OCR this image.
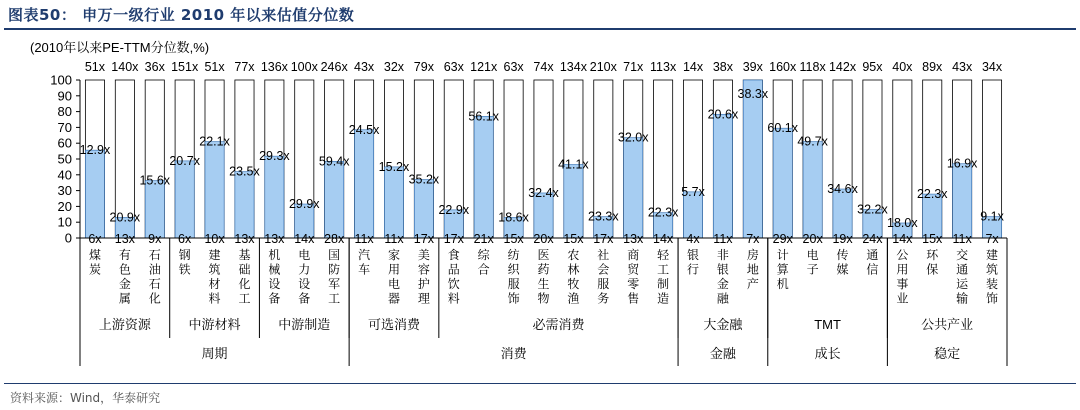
图表50： 申万一级行业 2010 年以来估值分位数
(2010年以来PE-TTM分位数,%)
0
10
20
30
40
50
60
70
80
90
100
51x 140x 36x 151x 51x 77x 136x 100x 246x 43x 32x 79x 63x 121x 63x 74x 134x 210x 71x 113x 14x 38x 39x 160x 118x 142x 95x 40x 89x 43x 34x
6x 13x 9x 6x 10x 13x 13x 14x 28x 11x 11x 17x 17x 21x 15x 20x 15x 17x 13x 14x 4x 11x 7x 29x 20x 19x 24x 14x 15x 11x 7x
12.9x
20.9x
15.6x
20.7x
22.1x
23.5x
29.3x
29.9x
59.4x
24.5x
15.2x
35.2x
22.9x
56.1x
18.6x
32.4x
41.1x
23.3x
32.0x
22.3x
5.7x
20.6x
38.3x
60.1x
49.7x
34.6x
32.2x
18.0x
22.3x
16.9x
9.1x
煤
炭
有
色
金
属
石
油
石
化
钢
铁
建
筑
材
料
基
础
化
工
机
械
设
备
电
力
设
备
国
防
军
工
汽
车
家
用
电
器
美
容
护
理
食
品
饮
料
综
合
纺
织
服
饰
医
药
生
物
农
林
牧
渔
社
会
服
务
商
贸
零
售
轻
工
制
造
银
行
非
银
金
融
房
地
产
计
算
机
电
子
传
媒
通
信
公
用
事
业
环
保
交
通
运
输
建
筑
装
饰
上游资源	中游材料	中游制造	可选消费	必需消费	大金融	TMT	公共产业
周期	消费	金融	成长	稳定
资料来源：Wind，华泰研究
